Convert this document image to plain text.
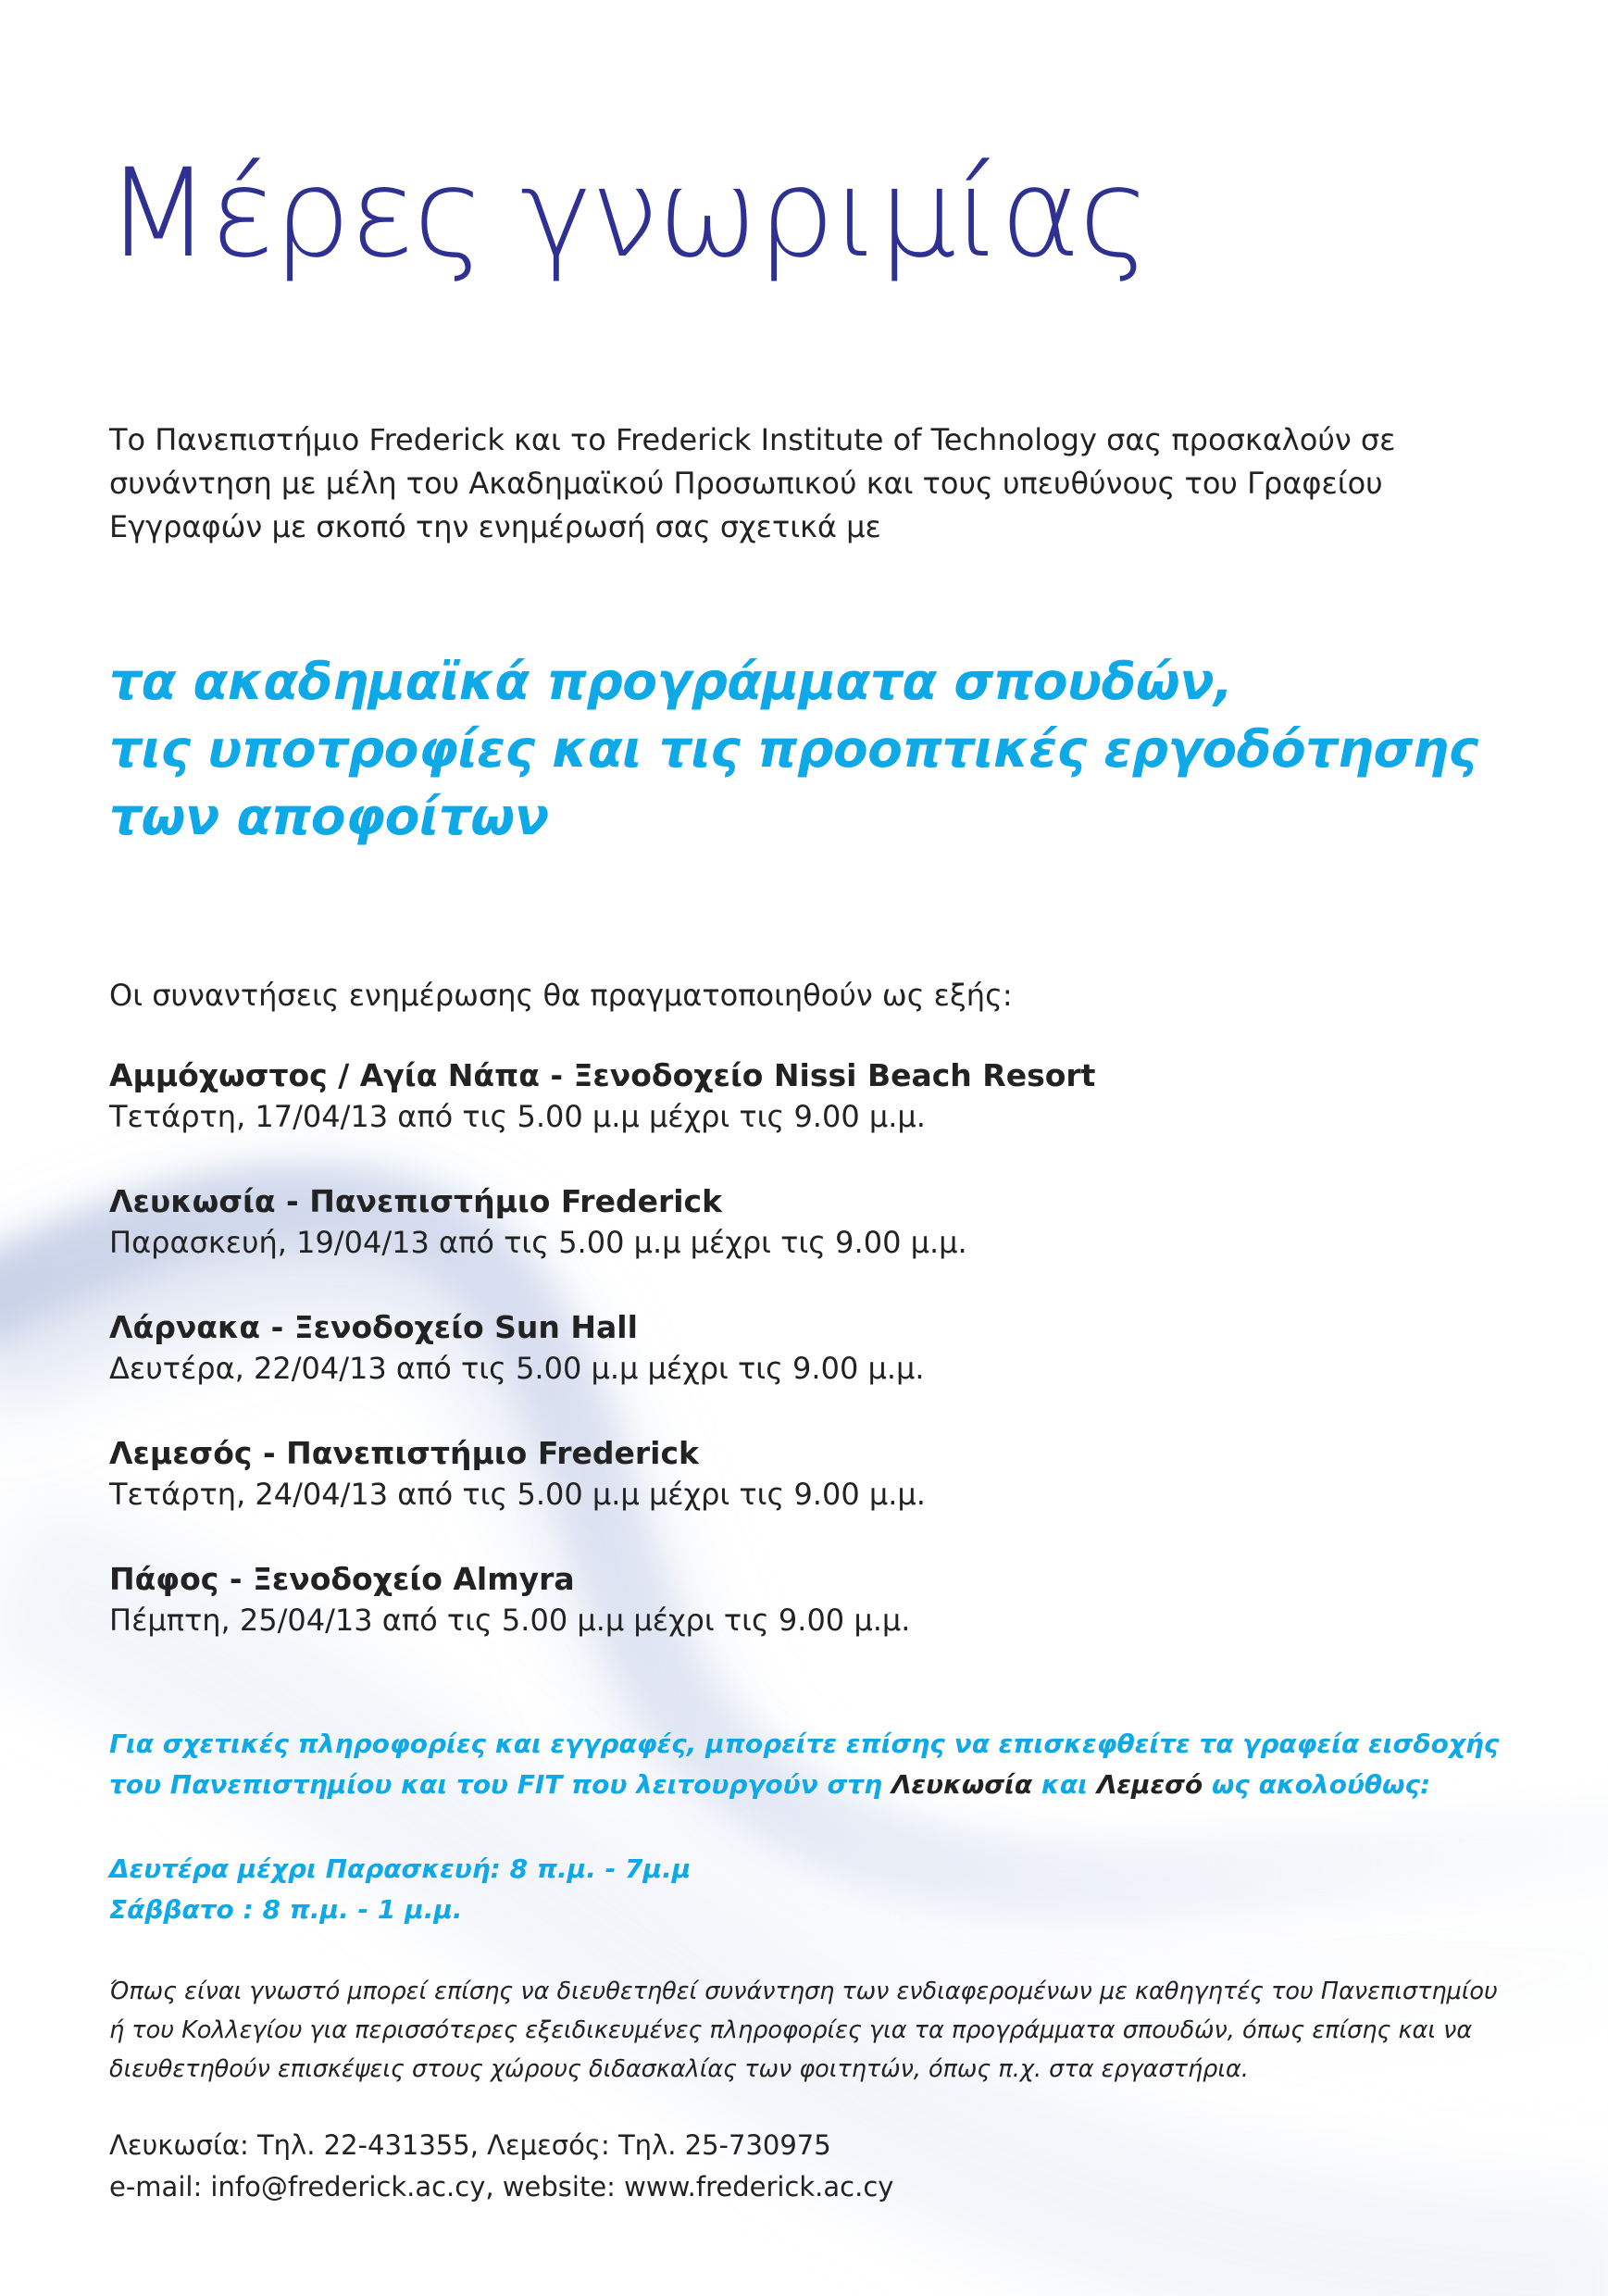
Μέρες γνωριμίας

Το Πανεπιστήμιο Frederick και το Frederick Institute of Technology σας προσκαλούν σε συνάντηση με μέλη του Ακαδημαϊκού Προσωπικού και τους υπευθύνους του Γραφείου Εγγραφών με σκοπό την ενημέρωσή σας σχετικά με

τα ακαδημαϊκά προγράμματα σπουδών,
τις υποτροφίες και τις προοπτικές εργοδότησης
των αποφοίτων

Οι συναντήσεις ενημέρωσης θα πραγματοποιηθούν ως εξής:

Αμμόχωστος / Αγία Νάπα - Ξενοδοχείο Nissi Beach Resort
Τετάρτη, 17/04/13 από τις 5.00 μ.μ μέχρι τις 9.00 μ.μ.
Λευκωσία - Πανεπιστήμιο Frederick
Παρασκευή, 19/04/13 από τις 5.00 μ.μ μέχρι τις 9.00 μ.μ.
Λάρνακα - Ξενοδοχείο Sun Hall
Δευτέρα, 22/04/13 από τις 5.00 μ.μ μέχρι τις 9.00 μ.μ.
Λεμεσός - Πανεπιστήμιο Frederick
Τετάρτη, 24/04/13 από τις 5.00 μ.μ μέχρι τις 9.00 μ.μ.
Πάφος - Ξενοδοχείο Almyra
Πέμπτη, 25/04/13 από τις 5.00 μ.μ μέχρι τις 9.00 μ.μ.

Για σχετικές πληροφορίες και εγγραφές, μπορείτε επίσης να επισκεφθείτε τα γραφεία εισδοχής του Πανεπιστημίου και του FIT που λειτουργούν στη Λευκωσία και Λεμεσό ως ακολούθως:

Δευτέρα μέχρι Παρασκευή: 8 π.μ. - 7μ.μ
Σάββατο : 8 π.μ. - 1 μ.μ.

Όπως είναι γνωστό μπορεί επίσης να διευθετηθεί συνάντηση των ενδιαφερομένων με καθηγητές του Πανεπιστημίου ή του Κολλεγίου για περισσότερες εξειδικευμένες πληροφορίες για τα προγράμματα σπουδών, όπως επίσης και να διευθετηθούν επισκέψεις στους χώρους διδασκαλίας των φοιτητών, όπως π.χ. στα εργαστήρια.

Λευκωσία: Τηλ. 22-431355, Λεμεσός: Τηλ. 25-730975
e-mail: info@frederick.ac.cy, website: www.frederick.ac.cy
